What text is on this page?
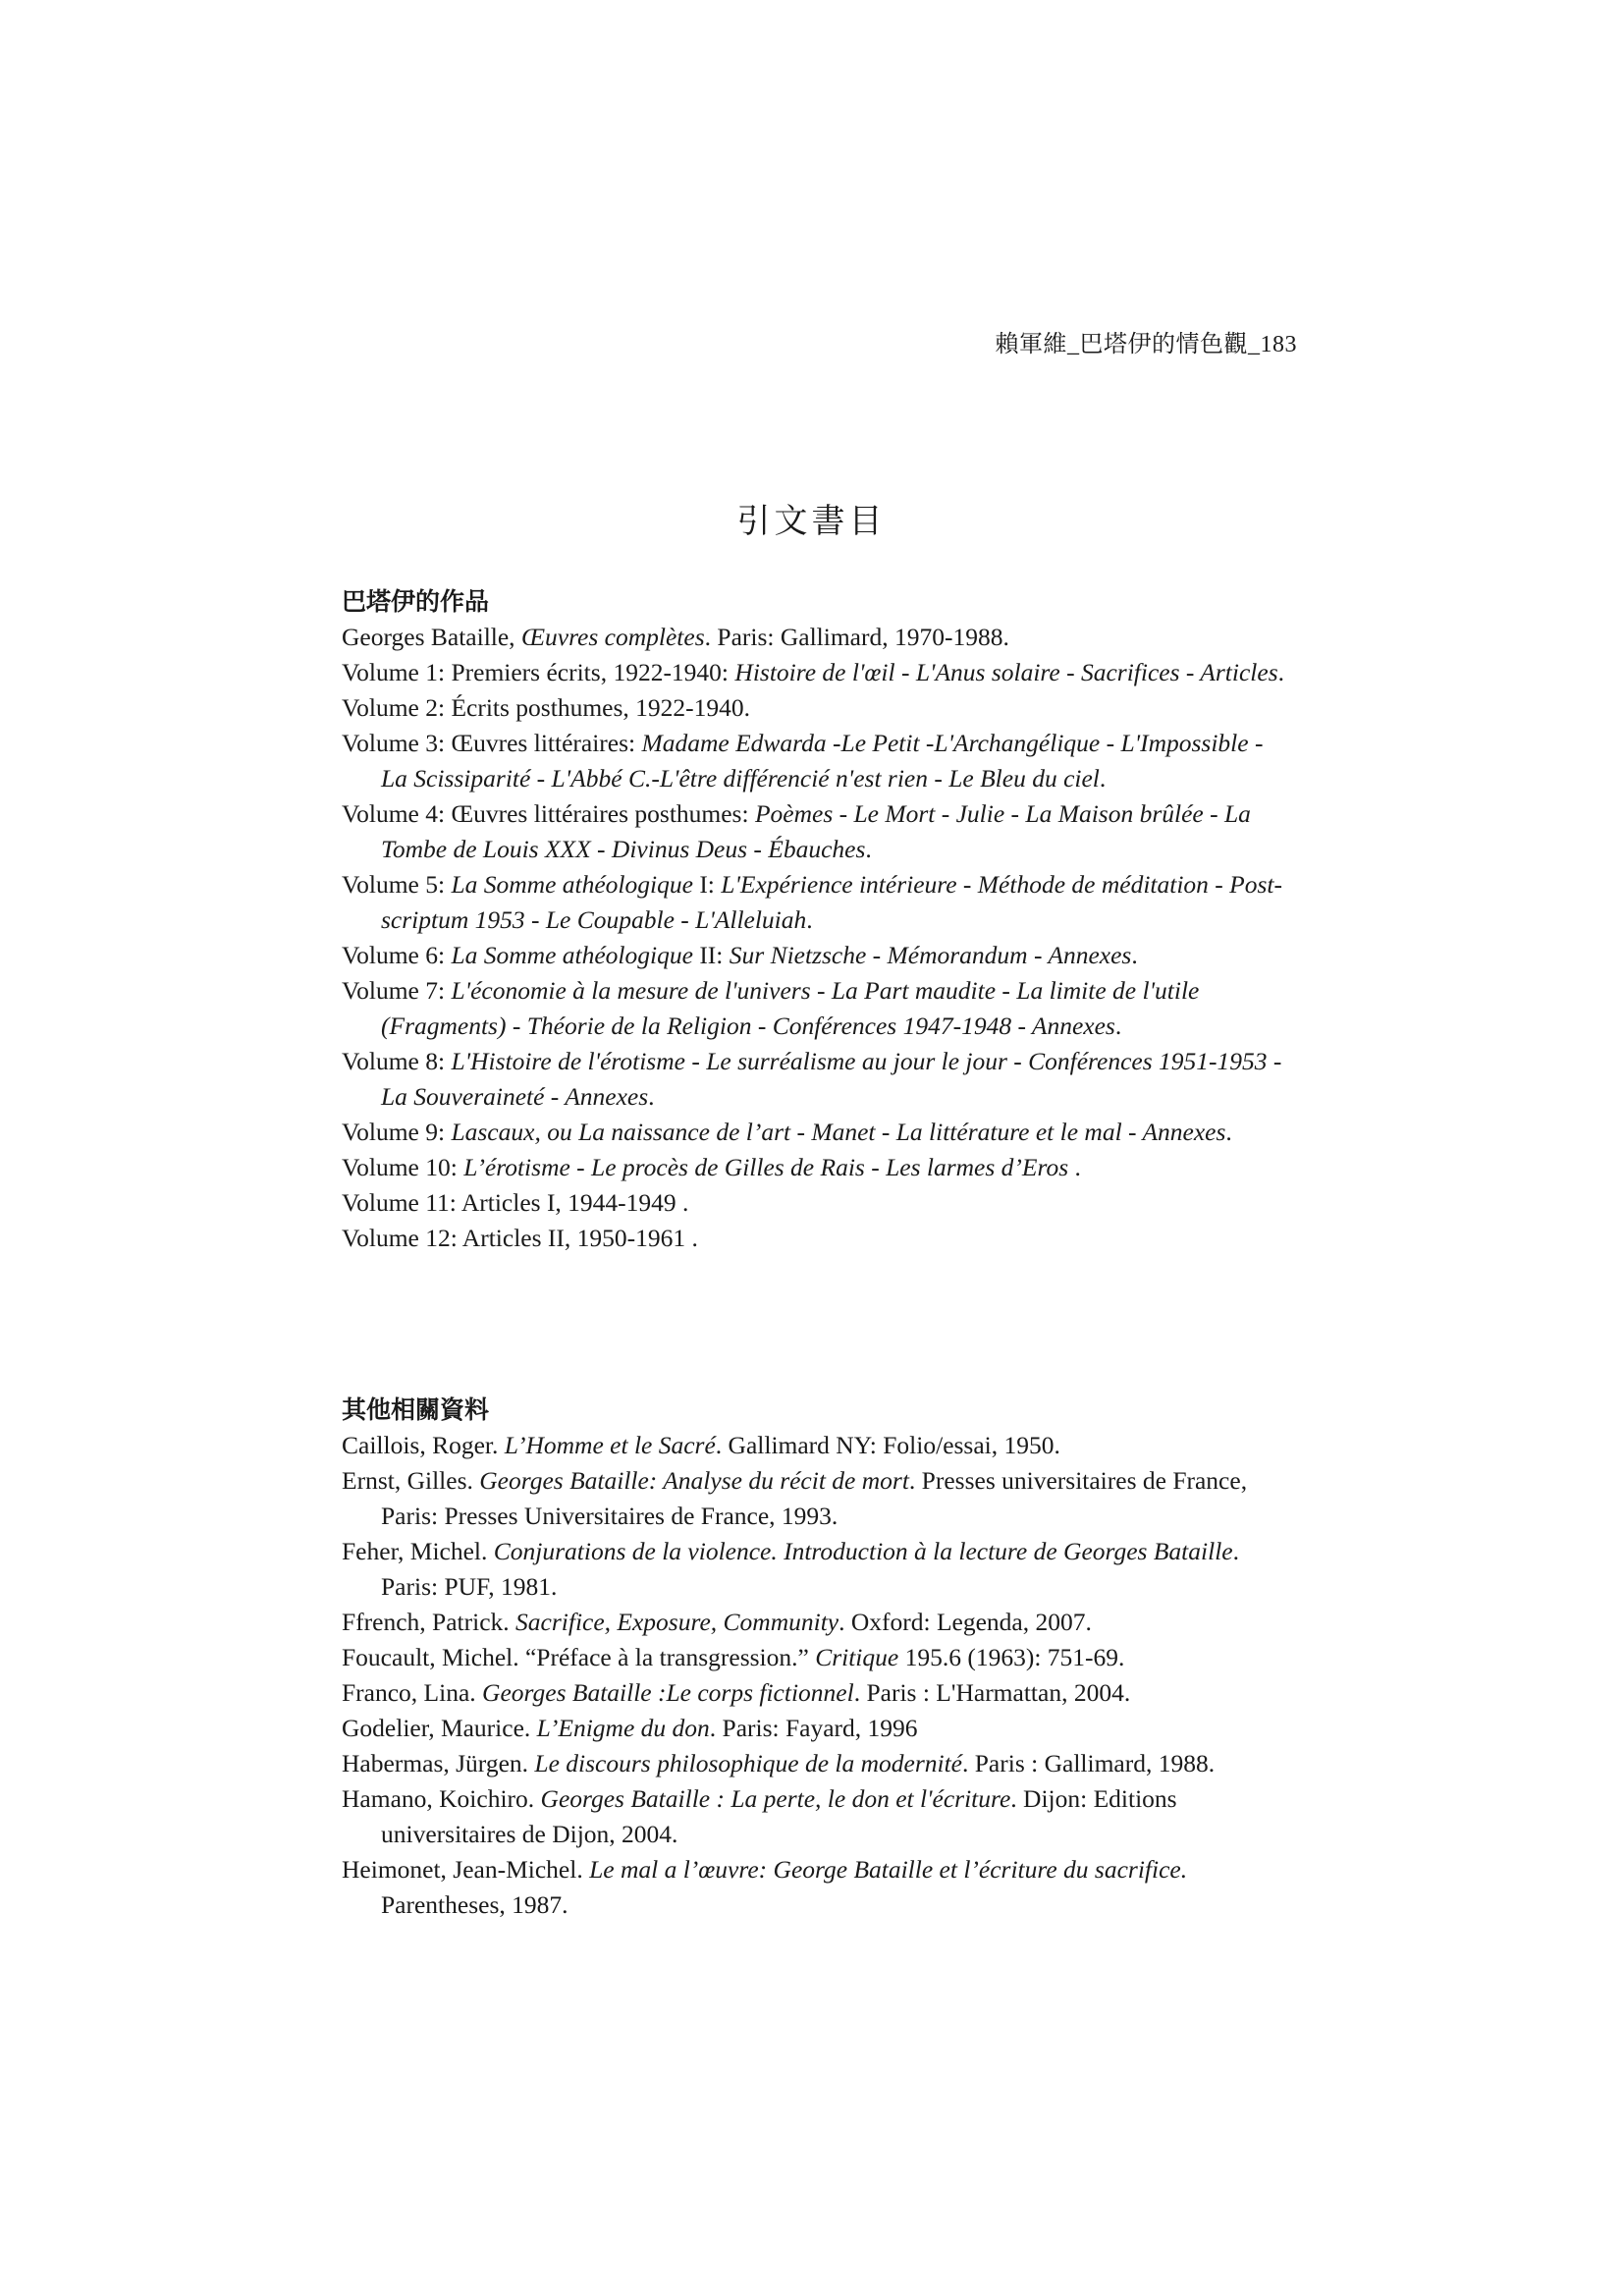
賴軍維_巴塔伊的情色觀_183
引文書目
巴塔伊的作品
Georges Bataille, Œuvres complètes. Paris: Gallimard, 1970-1988.
Volume 1: Premiers écrits, 1922-1940: Histoire de l'œil - L'Anus solaire - Sacrifices - Articles.
Volume 2: Écrits posthumes, 1922-1940.
Volume 3: Œuvres littéraires: Madame Edwarda -Le Petit -L'Archangélique - L'Impossible - La Scissiparité - L'Abbé C.-L'être différencié n'est rien - Le Bleu du ciel.
Volume 4: Œuvres littéraires posthumes: Poèmes - Le Mort - Julie - La Maison brûlée - La Tombe de Louis XXX - Divinus Deus - Ébauches.
Volume 5: La Somme athéologique I: L'Expérience intérieure - Méthode de méditation - Post-scriptum 1953 - Le Coupable - L'Alleluiah.
Volume 6: La Somme athéologique II: Sur Nietzsche - Mémorandum - Annexes.
Volume 7: L'économie à la mesure de l'univers - La Part maudite - La limite de l'utile (Fragments) - Théorie de la Religion - Conférences 1947-1948 - Annexes.
Volume 8: L'Histoire de l'érotisme - Le surréalisme au jour le jour - Conférences 1951-1953 - La Souveraineté - Annexes.
Volume 9: Lascaux, ou La naissance de l’art - Manet - La littérature et le mal - Annexes.
Volume 10: L’érotisme - Le procès de Gilles de Rais - Les larmes d’Eros .
Volume 11: Articles I, 1944-1949 .
Volume 12: Articles II, 1950-1961 .
其他相關資料
Caillois, Roger. L’Homme et le Sacré. Gallimard NY: Folio/essai, 1950.
Ernst, Gilles. Georges Bataille: Analyse du récit de mort. Presses universitaires de France, Paris: Presses Universitaires de France, 1993.
Feher, Michel. Conjurations de la violence. Introduction à la lecture de Georges Bataille. Paris: PUF, 1981.
Ffrench, Patrick. Sacrifice, Exposure, Community. Oxford: Legenda, 2007.
Foucault, Michel. “Préface à la transgression.” Critique 195.6 (1963): 751-69.
Franco, Lina. Georges Bataille :Le corps fictionnel. Paris : L'Harmattan, 2004.
Godelier, Maurice. L’Enigme du don. Paris: Fayard, 1996
Habermas, Jürgen. Le discours philosophique de la modernité. Paris : Gallimard, 1988.
Hamano, Koichiro. Georges Bataille : La perte, le don et l'écriture. Dijon: Editions universitaires de Dijon, 2004.
Heimonet, Jean-Michel. Le mal a l’œuvre: George Bataille et l’écriture du sacrifice. Parentheses, 1987.
